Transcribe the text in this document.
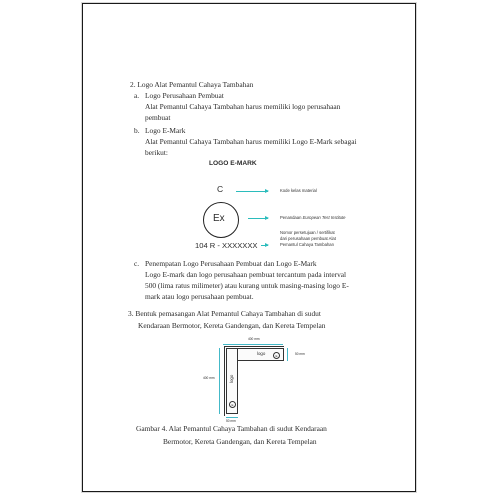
2. Logo Alat Pemantul Cahaya Tambahan
a. Logo Perusahaan Pembuat
Alat Pemantul Cahaya Tambahan harus memiliki logo perusahaan
pembuat
b. Logo E-Mark
Alat Pemantul Cahaya Tambahan harus memiliki Logo E-Mark sebagai
berikut:
LOGO E-MARK
C
Ex
104 R - XXXXXXX
Kode kelas material
Penandaan European Test Institute
Nomor persetujuan / sertifikat
dari perusahaan pembuat Alat
Pemantul Cahaya Tambahan
c. Penempatan Logo Perusahaan Pembuat dan Logo E-Mark
Logo E-mark dan logo perusahaan pembuat tercantum pada interval
500 (lima ratus milimeter) atau kurang untuk masing-masing logo E-
mark atau logo perusahaan pembuat.
3. Bentuk pemasangan Alat Pemantul Cahaya Tambahan di sudut
Kendaraan Bermotor, Kereta Gandengan, dan Kereta Tempelan
400 mm
logo	E	50 mm
logo
E
400 mm
50 mm
Gambar 4. Alat Pemantul Cahaya Tambahan di sudut Kendaraan
Bermotor, Kereta Gandengan, dan Kereta Tempelan
